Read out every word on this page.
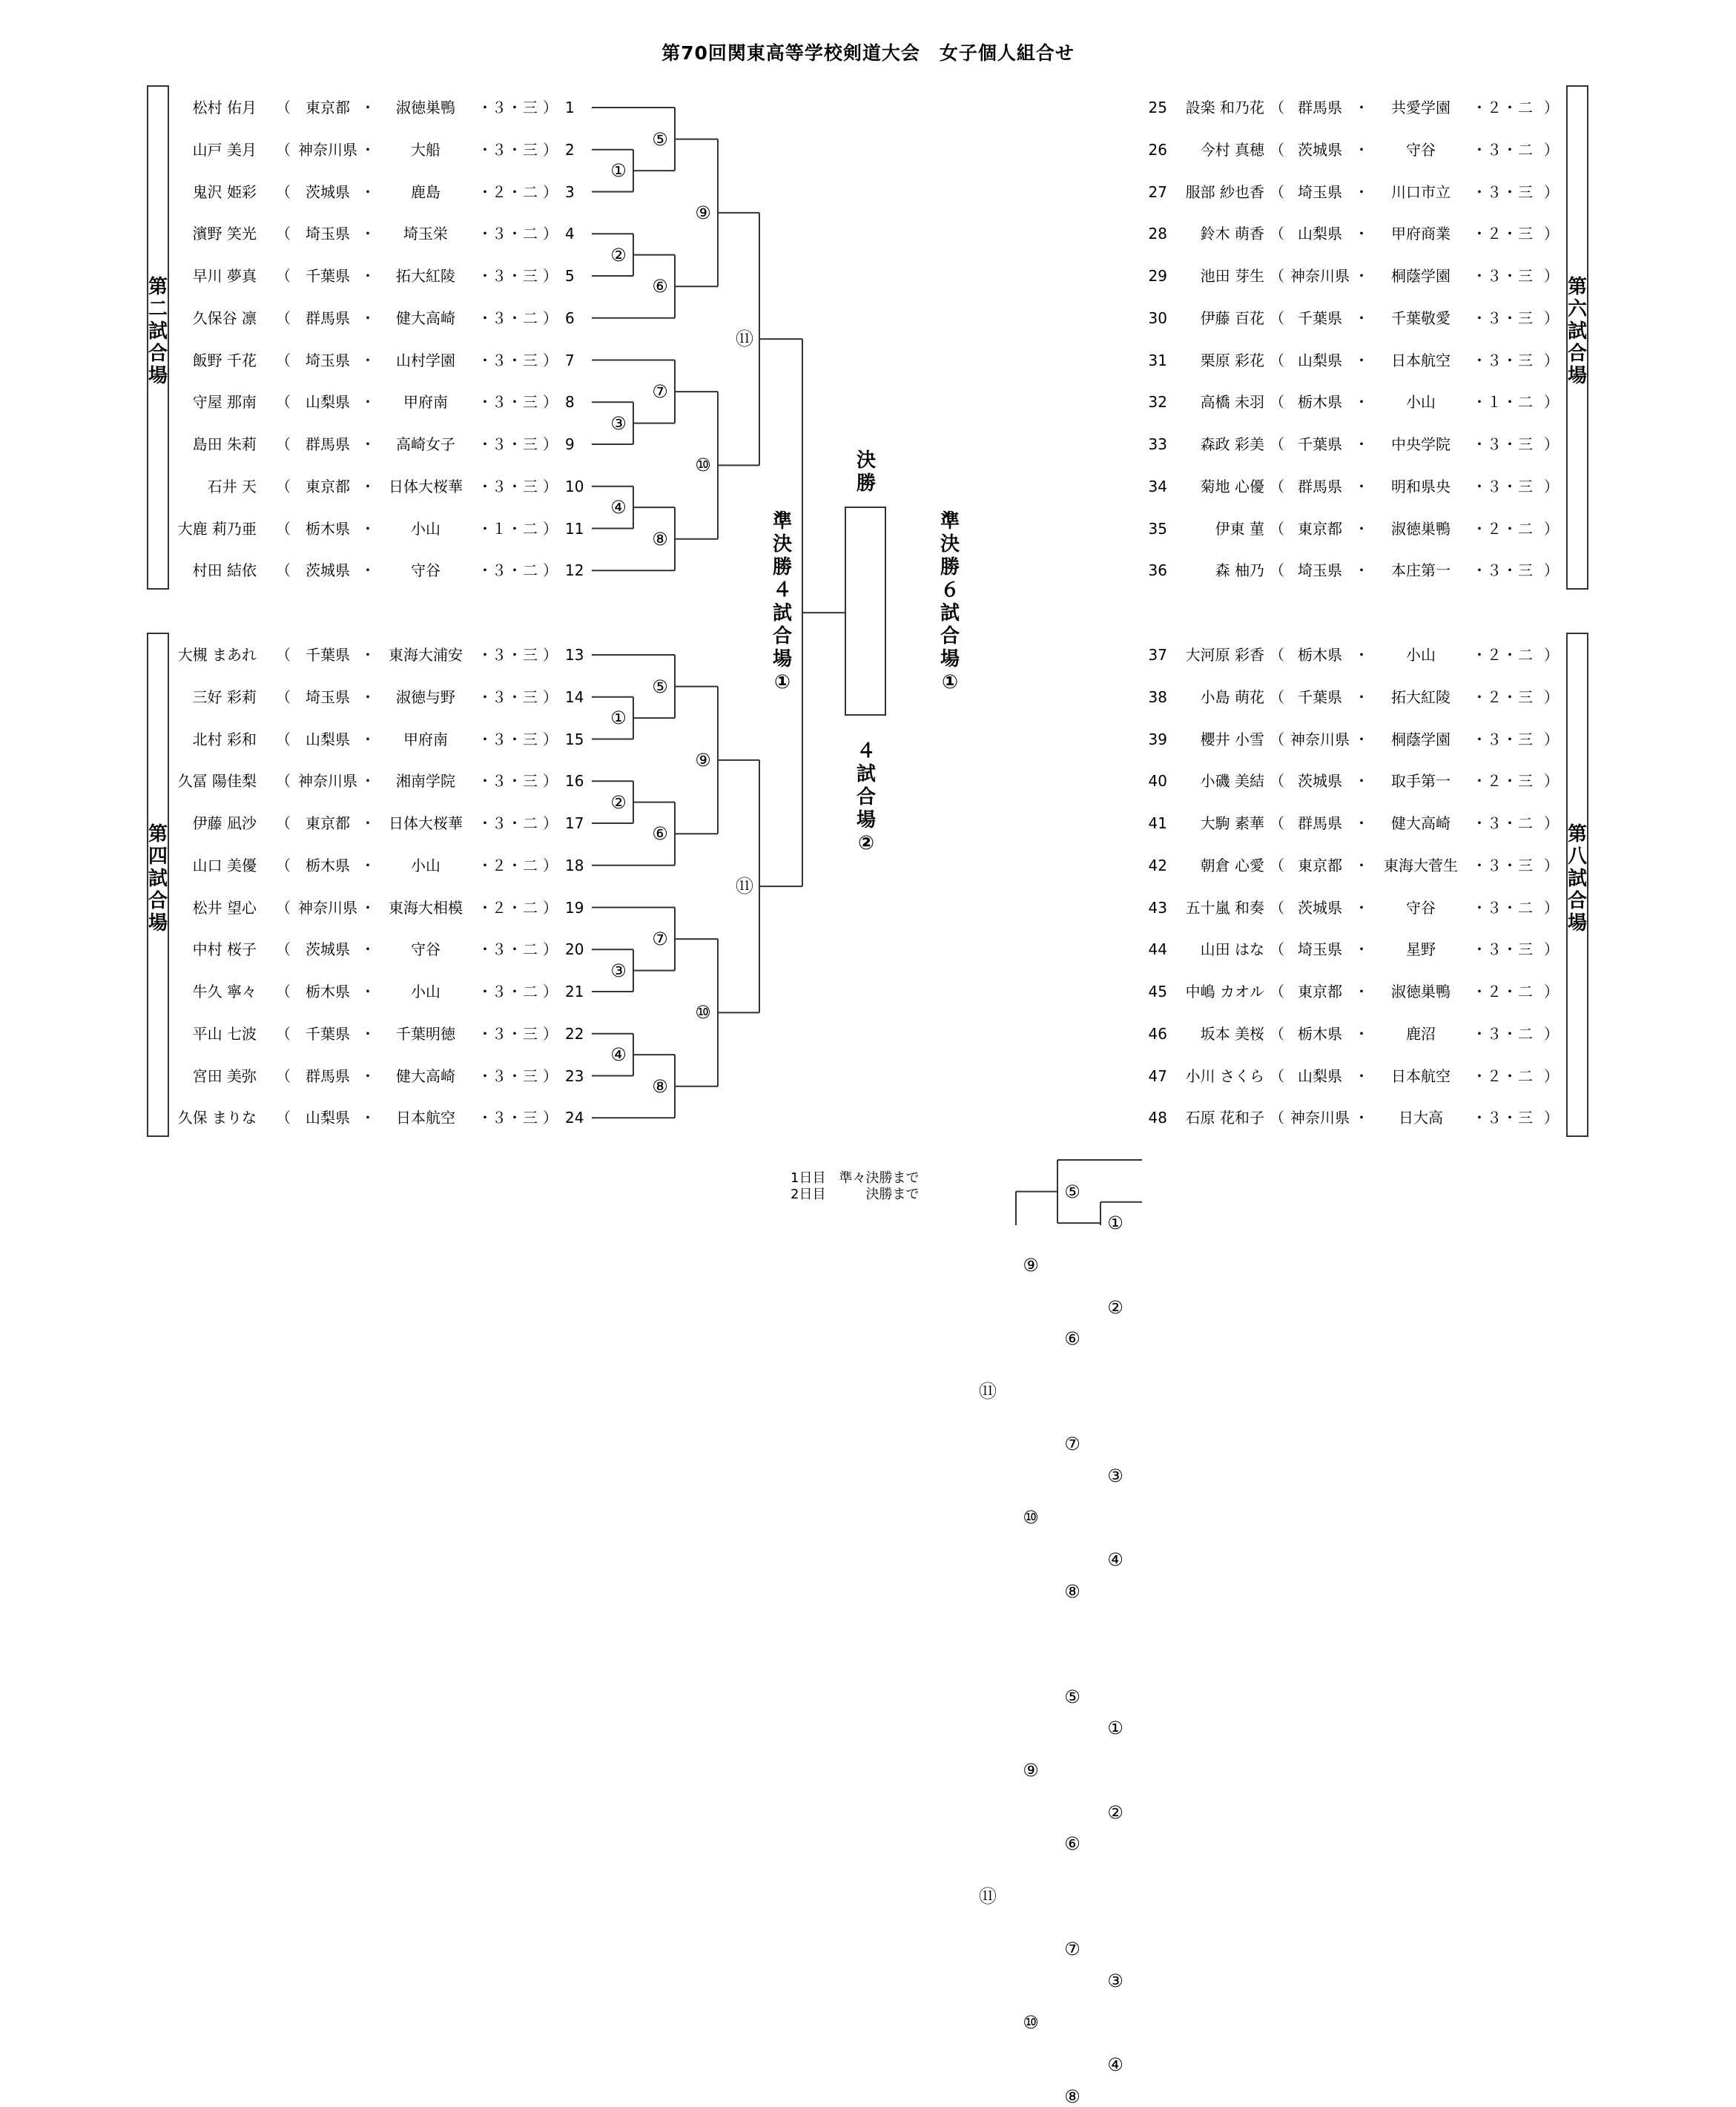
第70回関東高等学校剣道大会　女子個人組合せ
第
二
試
合
場
第
四
試
合
場
第
六
試
合
場
第
八
試
合
場
準
決
勝
４
試
合
場
①
準
決
勝
６
試
合
場
①
決
勝
４
試
合
場
②
松村 佑月 （	東京都 ・	淑徳巣鴨	・ ３ ・ 三 ） 1
山戸 美月 （ 神奈川県 ・	大船	・ ３ ・ 三 ） 2
鬼沢 姫彩 （	茨城県 ・	鹿島	・ ２ ・ 二 ） 3
濱野 笑光 （	埼玉県 ・	埼玉栄	・ ３ ・ 二 ） 4
早川 夢真 （	千葉県 ・	拓大紅陵	・ ３ ・ 三 ） 5
久保谷 凛 （	群馬県 ・	健大高崎	・ ３ ・ 二 ） 6
飯野 千花 （	埼玉県 ・	山村学園	・ ３ ・ 三 ） 7
守屋 那南 （	山梨県 ・	甲府南	・ ３ ・ 三 ） 8
島田 朱莉 （	群馬県 ・	高崎女子	・ ３ ・ 三 ） 9
石井 天 （	東京都 ・ 日体大桜華	・ ３ ・ 三 ） 10
大鹿 莉乃亜 （	栃木県 ・	小山	・ １ ・ 二 ） 11
村田 結依 （	茨城県 ・	守谷	・ ３ ・ 二 ） 12
大槻 まあれ （	千葉県 ・ 東海大浦安	・ ３ ・ 三 ） 13
三好 彩莉 （	埼玉県 ・	淑徳与野	・ ３ ・ 三 ） 14
北村 彩和 （	山梨県 ・	甲府南	・ ３ ・ 三 ） 15
久冨 陽佳梨 （ 神奈川県 ・	湘南学院	・ ３ ・ 三 ） 16
伊藤 凪沙 （	東京都 ・ 日体大桜華	・ ３ ・ 二 ） 17
山口 美優 （	栃木県 ・	小山	・ ２ ・ 二 ） 18
松井 望心 （ 神奈川県 ・ 東海大相模	・ ２ ・ 二 ） 19
中村 桜子 （	茨城県 ・	守谷	・ ３ ・ 二 ） 20
牛久 寧々 （	栃木県 ・	小山	・ ３ ・ 二 ） 21
平山 七波 （	千葉県 ・	千葉明徳	・ ３ ・ 三 ） 22
宮田 美弥 （	群馬県 ・	健大高崎	・ ３ ・ 三 ） 23
久保 まりな （	山梨県 ・	日本航空	・ ３ ・ 三 ） 24
25	設楽 和乃花 （ 群馬県 ・	共愛学園	・ ２ ・ 二 ）
26	今村 真穂 （ 茨城県 ・	守谷	・ ３ ・ 二 ）
27	服部 紗也香 （ 埼玉県 ・	川口市立	・ ３ ・ 三 ）
28	鈴木 萌香 （ 山梨県 ・	甲府商業	・ ２ ・ 三 ）
29	池田 芽生 （ 神奈川県 ・	桐蔭学園	・ ３ ・ 三 ）
30	伊藤 百花 （ 千葉県 ・	千葉敬愛	・ ３ ・ 三 ）
31	栗原 彩花 （ 山梨県 ・	日本航空	・ ３ ・ 三 ）
32	高橋 未羽 （ 栃木県 ・	小山	・ １ ・ 二 ）
33	森政 彩美 （ 千葉県 ・	中央学院	・ ３ ・ 三 ）
34	菊地 心優 （ 群馬県 ・	明和県央	・ ３ ・ 三 ）
35	伊東 菫 （ 東京都 ・	淑徳巣鴨	・ ２ ・ 二 ）
36	森 柚乃 （ 埼玉県 ・	本庄第一	・ ３ ・ 三 ）
37	大河原 彩香 （ 栃木県 ・	小山	・ ２ ・ 二 ）
38	小島 萌花 （ 千葉県 ・	拓大紅陵	・ ２ ・ 三 ）
39	櫻井 小雪 （ 神奈川県 ・	桐蔭学園	・ ３ ・ 三 ）
40	小磯 美結 （ 茨城県 ・	取手第一	・ ２ ・ 三 ）
41	大駒 素華 （ 群馬県 ・	健大高崎	・ ３ ・ 二 ）
42	朝倉 心愛 （ 東京都 ・	東海大菅生 ・ ３ ・ 三 ）
43	五十嵐 和奏 （ 茨城県 ・	守谷	・ ３ ・ 二 ）
44	山田 はな （ 埼玉県 ・	星野	・ ３ ・ 三 ）
45	中嶋 カオル （ 東京都 ・	淑徳巣鴨	・ ２ ・ 二 ）
46	坂本 美桜 （ 栃木県 ・	鹿沼	・ ３ ・ 二 ）
47	小川 さくら （ 山梨県 ・	日本航空	・ ２ ・ 二 ）
48	石原 花和子 （ 神奈川県 ・	日大高	・ ３ ・ 三 ）
①
②
③
④
⑤
⑥
⑦
⑧
⑨
⑩
⑪
①
②
③
④
⑤
⑥
⑦
⑧
⑨
⑩
⑪
①
②
③
④
⑤
⑥
⑦
⑧
⑨
⑩
⑪
①
②
③
④
⑤
⑥
⑦
⑧
⑨
⑩
⑪
1日目　準々決勝まで
2日目　　　決勝まで
